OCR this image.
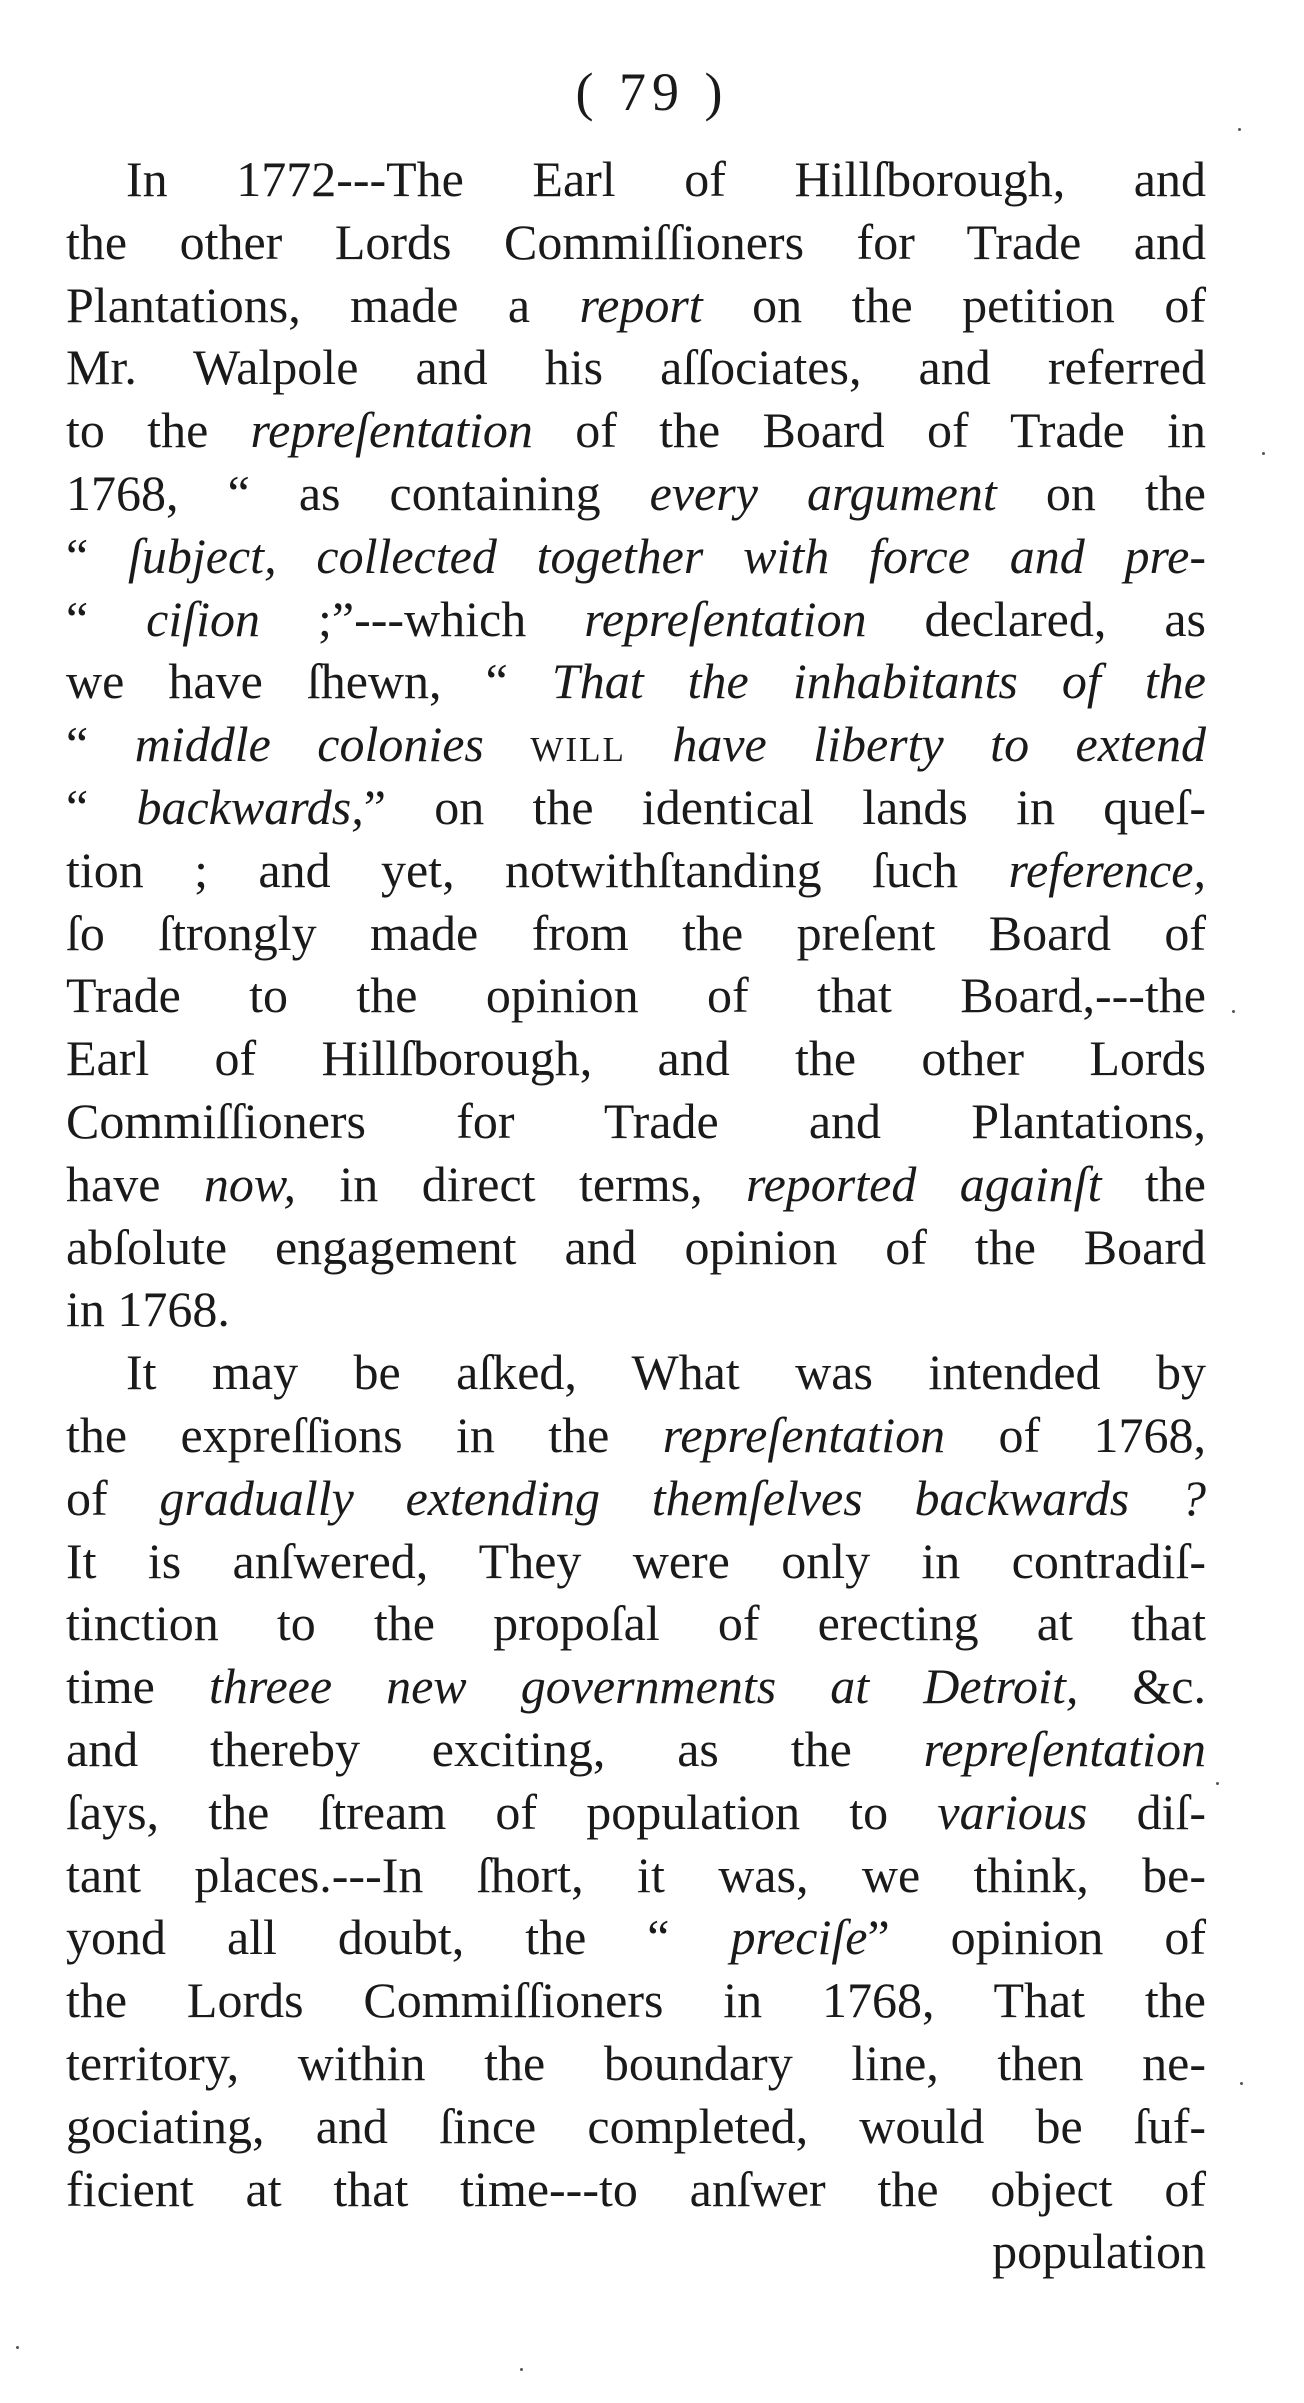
( 79 )
In 1772---The Earl of Hillſborough, and
the other Lords Commiſſioners for Trade and
Plantations, made a report on the petition of
Mr. Walpole and his aſſociates, and referred
to the repreſentation of the Board of Trade in
1768, “ as containing every argument on the
“ ſubject, collected together with force and pre-
“ ciſion ;”---which repreſentation declared, as
we have ſhewn, “ That the inhabitants of the
“ middle colonies will have liberty to extend
“ backwards,” on the identical lands in queſ-
tion ; and yet, notwithſtanding ſuch reference,
ſo ſtrongly made from the preſent Board of
Trade to the opinion of that Board,---the
Earl of Hillſborough, and the other Lords
Commiſſioners for Trade and Plantations,
have now, in direct terms, reported againſt the
abſolute engagement and opinion of the Board
in 1768.
It may be aſked, What was intended by
the expreſſions in the repreſentation of 1768,
of gradually extending themſelves backwards ?
It is anſwered, They were only in contradiſ-
tinction to the propoſal of erecting at that
time threee new governments at Detroit, &c.
and thereby exciting, as the repreſentation
ſays, the ſtream of population to various diſ-
tant places.---In ſhort, it was, we think, be-
yond all doubt, the “ preciſe” opinion of
the Lords Commiſſioners in 1768, That the
territory, within the boundary line, then ne-
gociating, and ſince completed, would be ſuf-
ficient at that time---to anſwer the object of
population
